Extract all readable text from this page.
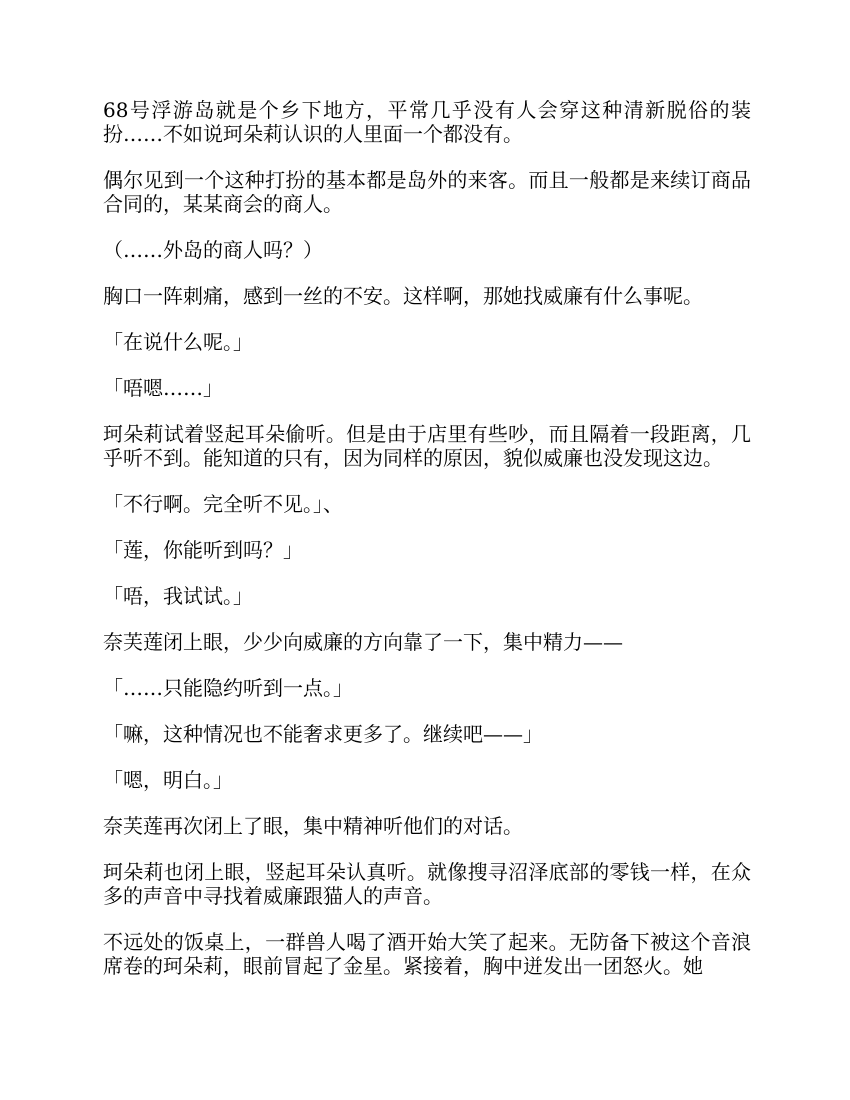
68号浮游岛就是个乡下地方，平常几乎没有人会穿这种清新脱俗的装扮……不如说珂朵莉认识的人里面一个都没有。

偶尔见到一个这种打扮的基本都是岛外的来客。而且一般都是来续订商品合同的，某某商会的商人。

（……外岛的商人吗？）

胸口一阵刺痛，感到一丝的不安。这样啊，那她找威廉有什么事呢。

「在说什么呢。」

「唔嗯……」

珂朵莉试着竖起耳朵偷听。但是由于店里有些吵，而且隔着一段距离，几乎听不到。能知道的只有，因为同样的原因，貌似威廉也没发现这边。

「不行啊。完全听不见。」、

「莲，你能听到吗？」

「唔，我试试。」

奈芙莲闭上眼，少少向威廉的方向靠了一下，集中精力——

「……只能隐约听到一点。」

「嘛，这种情况也不能奢求更多了。继续吧——」

「嗯，明白。」

奈芙莲再次闭上了眼，集中精神听他们的对话。

珂朵莉也闭上眼，竖起耳朵认真听。就像搜寻沼泽底部的零钱一样，在众多的声音中寻找着威廉跟猫人的声音。

不远处的饭桌上，一群兽人喝了酒开始大笑了起来。无防备下被这个音浪席卷的珂朵莉，眼前冒起了金星。紧接着，胸中迸发出一团怒火。她
